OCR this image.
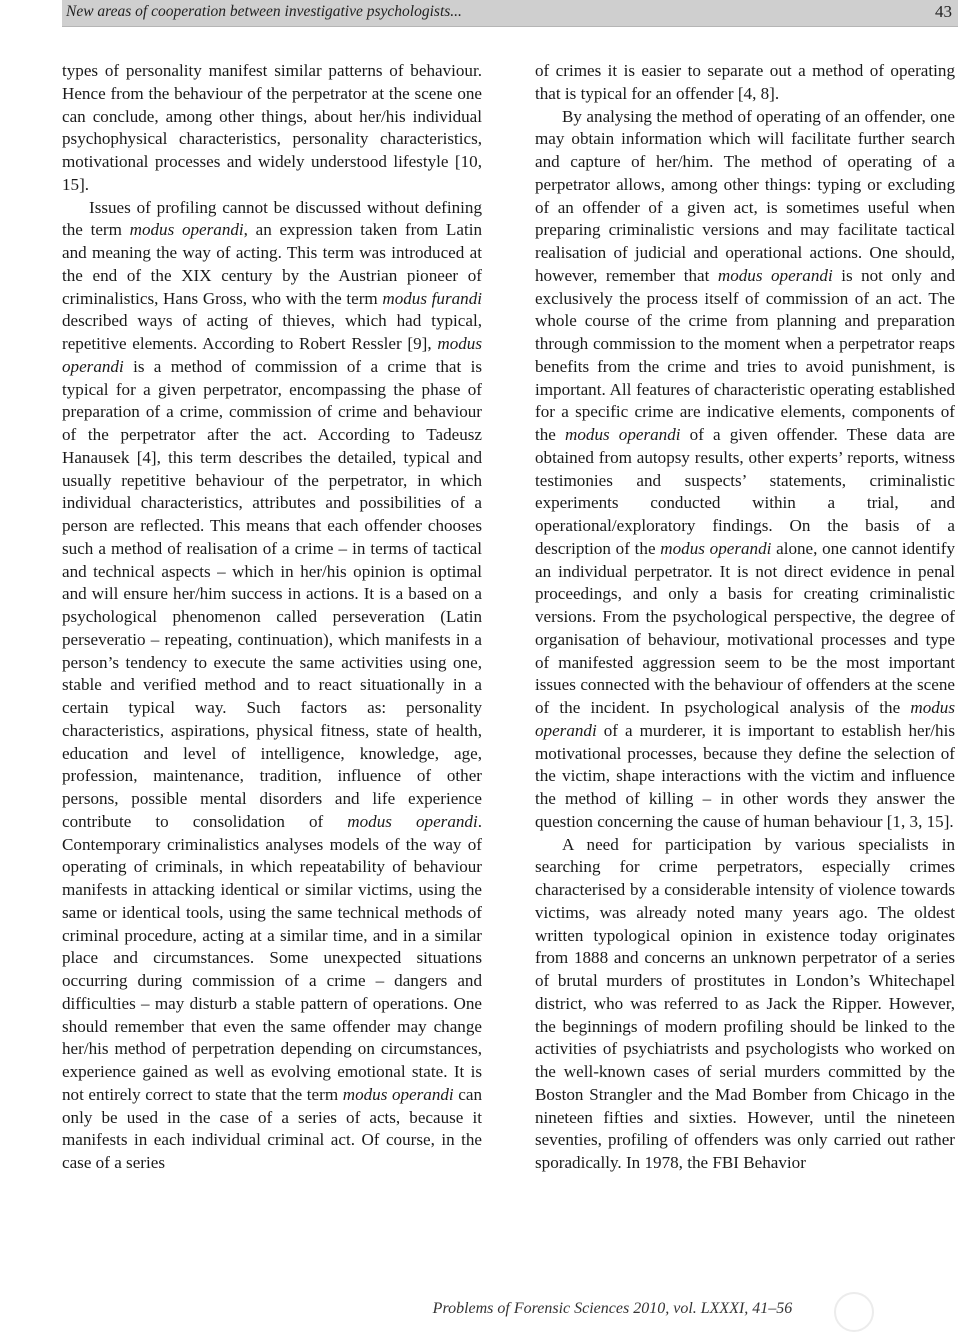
New areas of cooperation between investigative psychologists...	43

types of personality manifest similar patterns of behaviour. Hence from the behaviour of the perpetrator at the scene one can conclude, among other things, about her/his individual psychophysical characteristics, personality characteristics, motivational processes and widely understood lifestyle [10, 15].

Issues of profiling cannot be discussed without defining the term modus operandi, an expression taken from Latin and meaning the way of acting. This term was introduced at the end of the XIX century by the Austrian pioneer of criminalistics, Hans Gross, who with the term modus furandi described ways of acting of thieves, which had typical, repetitive elements. According to Robert Ressler [9], modus operandi is a method of commission of a crime that is typical for a given perpetrator, encompassing the phase of preparation of a crime, commission of crime and behaviour of the perpetrator after the act. According to Tadeusz Hanausek [4], this term describes the detailed, typical and usually repetitive behaviour of the perpetrator, in which individual characteristics, attributes and possibilities of a person are reflected. This means that each offender chooses such a method of realisation of a crime – in terms of tactical and technical aspects – which in her/his opinion is optimal and will ensure her/him success in actions. It is a based on a psychological phenomenon called perseveration (Latin perseveratio – repeating, continuation), which manifests in a person’s tendency to execute the same activities using one, stable and verified method and to react situationally in a certain typical way. Such factors as: personality characteristics, aspirations, physical fitness, state of health, education and level of intelligence, knowledge, age, profession, maintenance, tradition, influence of other persons, possible mental disorders and life experience contribute to consolidation of modus operandi. Contemporary criminalistics analyses models of the way of operating of criminals, in which repeatability of behaviour manifests in attacking identical or similar victims, using the same or identical tools, using the same technical methods of criminal procedure, acting at a similar time, and in a similar place and circumstances. Some unexpected situations occurring during commission of a crime – dangers and difficulties – may disturb a stable pattern of operations. One should remember that even the same offender may change her/his method of perpetration depending on circumstances, experience gained as well as evolving emotional state. It is not entirely correct to state that the term modus operandi can only be used in the case of a series of acts, because it manifests in each individual criminal act. Of course, in the case of a series

of crimes it is easier to separate out a method of operating that is typical for an offender [4, 8].

By analysing the method of operating of an offender, one may obtain information which will facilitate further search and capture of her/him. The method of operating of a perpetrator allows, among other things: typing or excluding of an offender of a given act, is sometimes useful when preparing criminalistic versions and may facilitate tactical realisation of judicial and operational actions. One should, however, remember that modus operandi is not only and exclusively the process itself of commission of an act. The whole course of the crime from planning and preparation through commission to the moment when a perpetrator reaps benefits from the crime and tries to avoid punishment, is important. All features of characteristic operating established for a specific crime are indicative elements, components of the modus operandi of a given offender. These data are obtained from autopsy results, other experts’ reports, witness testimonies and suspects’ statements, criminalistic experiments conducted within a trial, and operational/exploratory findings. On the basis of a description of the modus operandi alone, one cannot identify an individual perpetrator. It is not direct evidence in penal proceedings, and only a basis for creating criminalistic versions. From the psychological perspective, the degree of organisation of behaviour, motivational processes and type of manifested aggression seem to be the most important issues connected with the behaviour of offenders at the scene of the incident. In psychological analysis of the modus operandi of a murderer, it is important to establish her/his motivational processes, because they define the selection of the victim, shape interactions with the victim and influence the method of killing – in other words they answer the question concerning the cause of human behaviour [1, 3, 15].

A need for participation by various specialists in searching for crime perpetrators, especially crimes characterised by a considerable intensity of violence towards victims, was already noted many years ago. The oldest written typological opinion in existence today originates from 1888 and concerns an unknown perpetrator of a series of brutal murders of prostitutes in London’s Whitechapel district, who was referred to as Jack the Ripper. However, the beginnings of modern profiling should be linked to the activities of psychiatrists and psychologists who worked on the well-known cases of serial murders committed by the Boston Strangler and the Mad Bomber from Chicago in the nineteen fifties and sixties. However, until the nineteen seventies, profiling of offenders was only carried out rather sporadically. In 1978, the FBI Behavior

Problems of Forensic Sciences 2010, vol. LXXXI, 41–56
